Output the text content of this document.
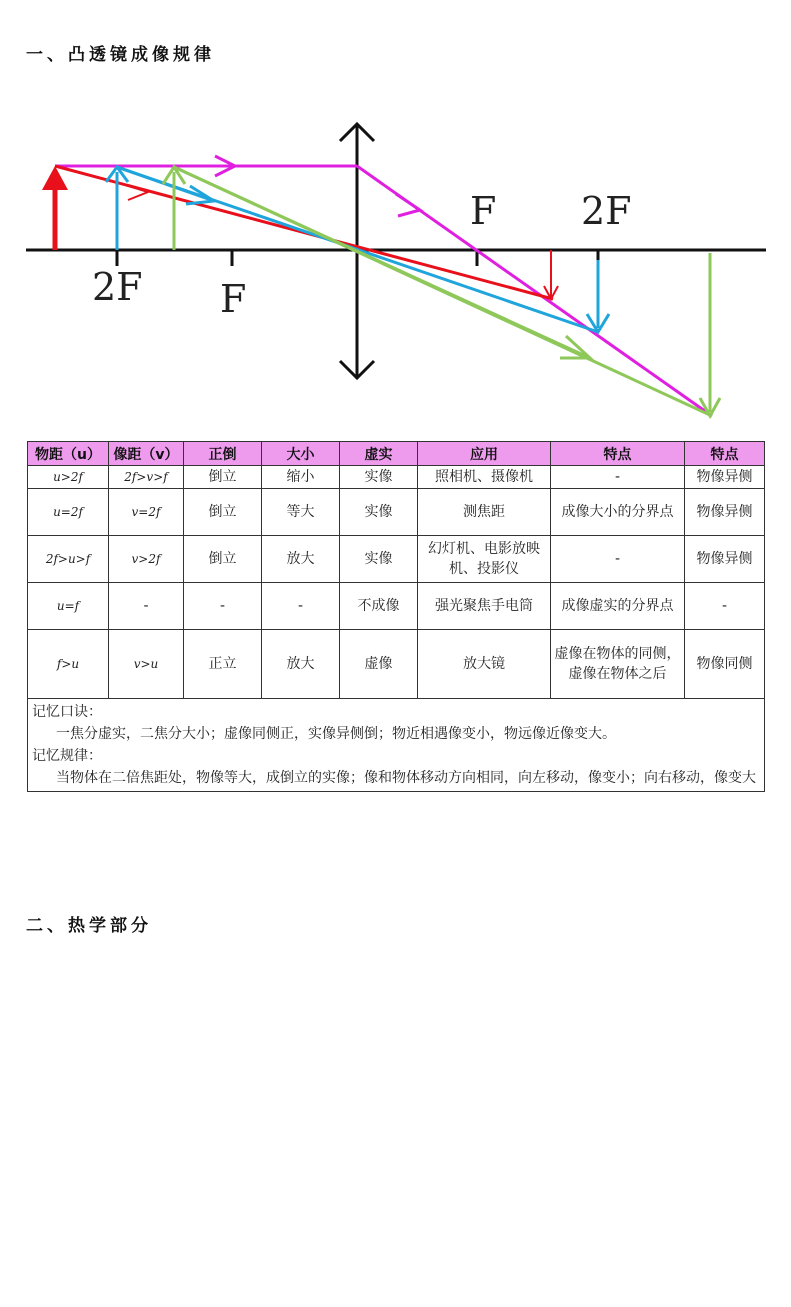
一、凸透镜成像规律
F 2F
2F F
物距（u）	像距（v）	正倒	大小	虚实	应用	特点	特点
u>2f	2f>v>f	倒立	缩小	实像	照相机、摄像机	-	物像异侧
u=2f	v=2f	倒立	等大	实像	测焦距	成像大小的分界点	物像异侧
2f>u>f	v>2f	倒立	放大	实像	幻灯机、电影放映机、投影仪	-	物像异侧
u=f	-	-	-	不成像	强光聚焦手电筒	成像虚实的分界点	-
f>u	v>u	正立	放大	虚像	放大镜	虚像在物体的同侧，虚像在物体之后	物像同侧

记忆口诀：
一焦分虚实，二焦分大小；虚像同侧正，实像异侧倒；物近相遇像变小，物远像近像变大。
记忆规律：
当物体在二倍焦距处，物像等大，成倒立的实像；像和物体移动方向相同，向左移动，像变小；向右移动，像变大							
二、热学部分
